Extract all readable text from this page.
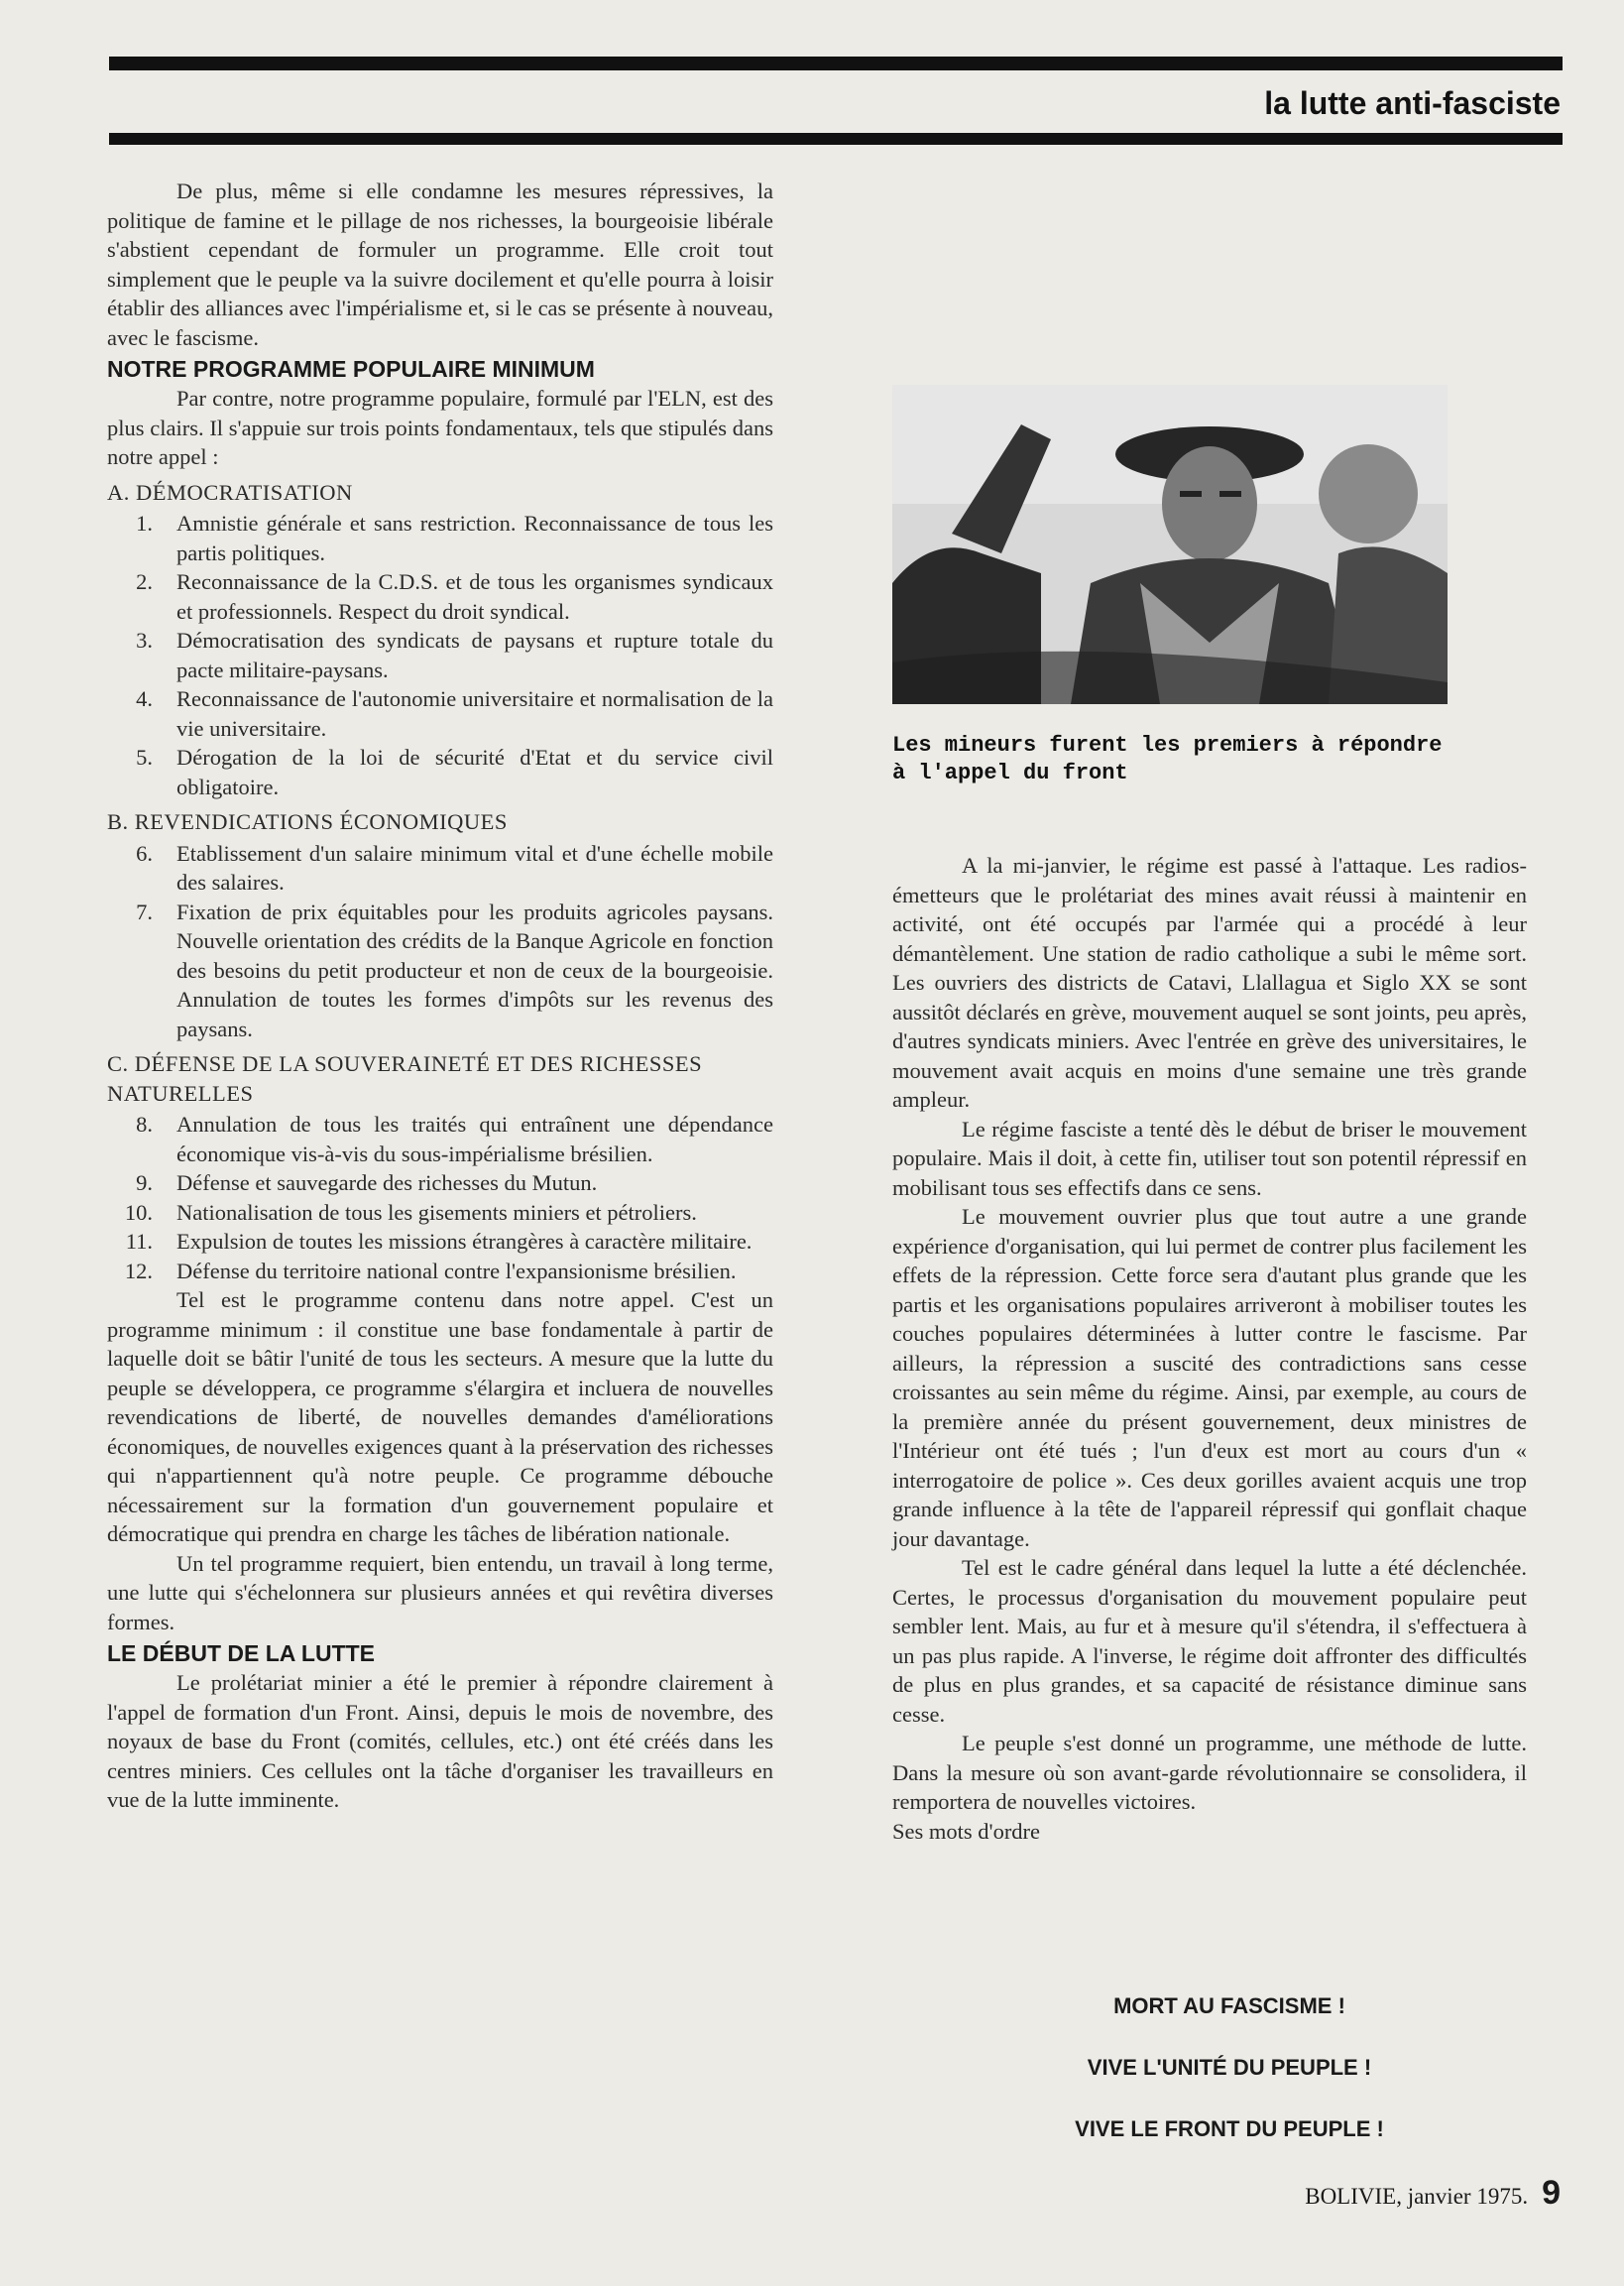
la lutte anti-fasciste

De plus, même si elle condamne les mesures répressives, la politique de famine et le pillage de nos richesses, la bourgeoisie libérale s'abstient cependant de formuler un programme. Elle croit tout simplement que le peuple va la suivre docilement et qu'elle pourra à loisir établir des alliances avec l'impérialisme et, si le cas se présente à nouveau, avec le fascisme.

NOTRE PROGRAMME POPULAIRE MINIMUM

Par contre, notre programme populaire, formulé par l'ELN, est des plus clairs. Il s'appuie sur trois points fondamentaux, tels que stipulés dans notre appel :

A. DÉMOCRATISATION
1.	Amnistie générale et sans restriction. Reconnaissance de tous les partis politiques.
2.	Reconnaissance de la C.D.S. et de tous les organismes syndicaux et professionnels. Respect du droit syndical.
3.	Démocratisation des syndicats de paysans et rupture totale du pacte militaire-paysans.
4.	Reconnaissance de l'autonomie universitaire et normalisation de la vie universitaire.
5.	Dérogation de la loi de sécurité d'Etat et du service civil obligatoire.
B. REVENDICATIONS ÉCONOMIQUES
6.	Etablissement d'un salaire minimum vital et d'une échelle mobile des salaires.
7.	Fixation de prix équitables pour les produits agricoles paysans. Nouvelle orientation des crédits de la Banque Agricole en fonction des besoins du petit producteur et non de ceux de la bourgeoisie. Annulation de toutes les formes d'impôts sur les revenus des paysans.
C. DÉFENSE DE LA SOUVERAINETÉ ET DES RICHESSES NATURELLES
8.	Annulation de tous les traités qui entraînent une dépendance économique vis-à-vis du sous-impérialisme brésilien.
9.	Défense et sauvegarde des richesses du Mutun.
10.	Nationalisation de tous les gisements miniers et pétroliers.
11.	Expulsion de toutes les missions étrangères à caractère militaire.
12.	Défense du territoire national contre l'expansionisme brésilien.

Tel est le programme contenu dans notre appel. C'est un programme minimum : il constitue une base fondamentale à partir de laquelle doit se bâtir l'unité de tous les secteurs. A mesure que la lutte du peuple se développera, ce programme s'élargira et incluera de nouvelles revendications de liberté, de nouvelles demandes d'améliorations économiques, de nouvelles exigences quant à la préservation des richesses qui n'appartiennent qu'à notre peuple. Ce programme débouche nécessairement sur la formation d'un gouvernement populaire et démocratique qui prendra en charge les tâches de libération nationale.

Un tel programme requiert, bien entendu, un travail à long terme, une lutte qui s'échelonnera sur plusieurs années et qui revêtira diverses formes.

LE DÉBUT DE LA LUTTE

Le prolétariat minier a été le premier à répondre clairement à l'appel de formation d'un Front. Ainsi, depuis le mois de novembre, des noyaux de base du Front (comités, cellules, etc.) ont été créés dans les centres miniers. Ces cellules ont la tâche d'organiser les travailleurs en vue de la lutte imminente.

Les mineurs furent les premiers à répondre à l'appel du front

A la mi-janvier, le régime est passé à l'attaque. Les radios-émetteurs que le prolétariat des mines avait réussi à maintenir en activité, ont été occupés par l'armée qui a procédé à leur démantèlement. Une station de radio catholique a subi le même sort. Les ouvriers des districts de Catavi, Llallagua et Siglo XX se sont aussitôt déclarés en grève, mouvement auquel se sont joints, peu après, d'autres syndicats miniers. Avec l'entrée en grève des universitaires, le mouvement avait acquis en moins d'une semaine une très grande ampleur.

Le régime fasciste a tenté dès le début de briser le mouvement populaire. Mais il doit, à cette fin, utiliser tout son potentil répressif en mobilisant tous ses effectifs dans ce sens.

Le mouvement ouvrier plus que tout autre a une grande expérience d'organisation, qui lui permet de contrer plus facilement les effets de la répression. Cette force sera d'autant plus grande que les partis et les organisations populaires arriveront à mobiliser toutes les couches populaires déterminées à lutter contre le fascisme. Par ailleurs, la répression a suscité des contradictions sans cesse croissantes au sein même du régime. Ainsi, par exemple, au cours de la première année du présent gouvernement, deux ministres de l'Intérieur ont été tués ; l'un d'eux est mort au cours d'un « interrogatoire de police ». Ces deux gorilles avaient acquis une trop grande influence à la tête de l'appareil répressif qui gonflait chaque jour davantage.

Tel est le cadre général dans lequel la lutte a été déclenchée. Certes, le processus d'organisation du mouvement populaire peut sembler lent. Mais, au fur et à mesure qu'il s'étendra, il s'effectuera à un pas plus rapide. A l'inverse, le régime doit affronter des difficultés de plus en plus grandes, et sa capacité de résistance diminue sans cesse.

Le peuple s'est donné un programme, une méthode de lutte. Dans la mesure où son avant-garde révolutionnaire se consolidera, il remportera de nouvelles victoires.

Ses mots d'ordre

MORT AU FASCISME !
VIVE L'UNITÉ DU PEUPLE !
VIVE LE FRONT DU PEUPLE !
BOLIVIE, janvier 1975. 9
